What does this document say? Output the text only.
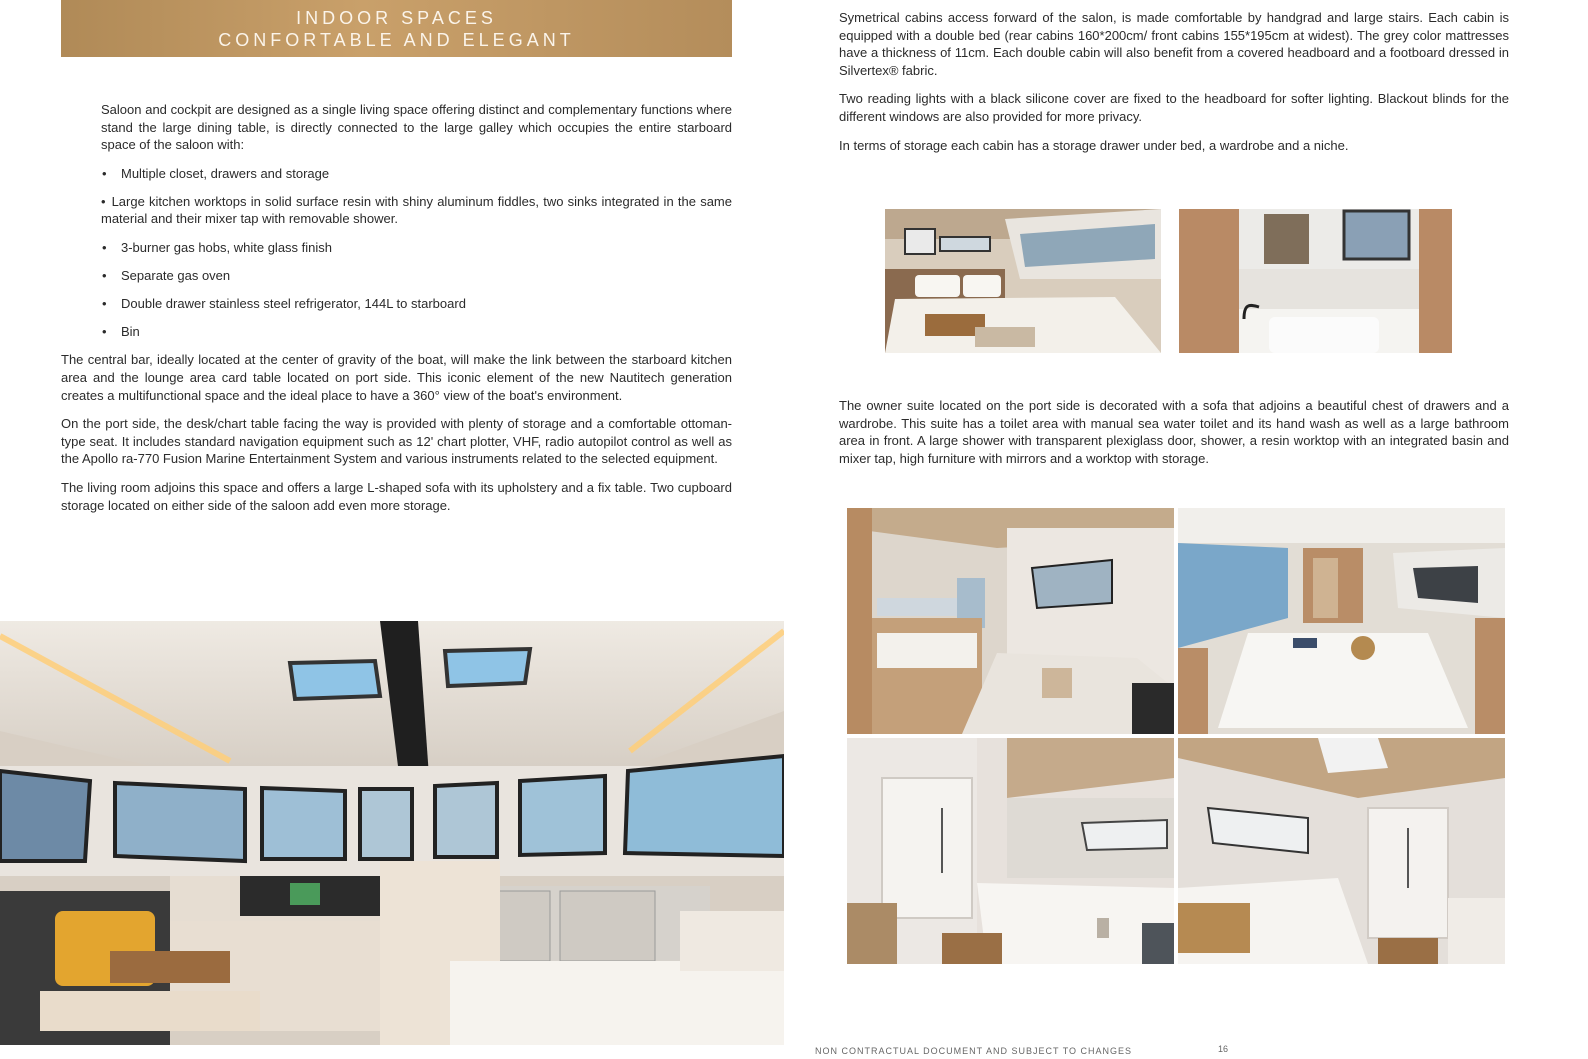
INDOOR SPACES
CONFORTABLE AND ELEGANT

Saloon and cockpit are designed as a single living space offering distinct and complementary functions where stand the large dining table, is directly connected to the large galley which occupies the entire starboard space of the saloon with:

• Multiple closet, drawers and storage
• Large kitchen worktops in solid surface resin with shiny aluminum fiddles, two sinks integrated in the same material and their mixer tap with removable shower.
• 3-burner gas hobs, white glass finish
• Separate gas oven
• Double drawer stainless steel refrigerator, 144L to starboard
• Bin

The central bar, ideally located at the center of gravity of the boat, will make the link between the starboard kitchen area and the lounge area card table located on port side. This iconic element of the new Nautitech generation creates a multifunctional space and the ideal place to have a 360° view of the boat's environment.

On the port side, the desk/chart table facing the way is provided with plenty of storage and a comfortable ottoman-type seat. It includes standard navigation equipment such as 12' chart plotter, VHF, radio autopilot control as well as the Apollo ra-770 Fusion Marine Entertainment System and various instruments related to the selected equipment.

The living room adjoins this space and offers a large L-shaped sofa with its upholstery and a fix table. Two cupboard storage located on either side of the saloon add even more storage.

Symetrical cabins access forward of the salon, is made comfortable by handgrad and large stairs. Each cabin is equipped with a double bed (rear cabins 160*200cm/ front cabins 155*195cm at widest). The grey color mattresses have a thickness of 11cm. Each double cabin will also benefit from a covered headboard and a footboard dressed in Silvertex® fabric.

Two reading lights with a black silicone cover are fixed to the headboard for softer lighting. Blackout blinds for the different windows are also provided for more privacy.

In terms of storage each cabin has a storage drawer under bed, a wardrobe and a niche.

The owner suite located on the port side is decorated with a sofa that adjoins a beautiful chest of drawers and a wardrobe. This suite has a toilet area with manual sea water toilet and its hand wash as well as a large bathroom area in front. A large shower with transparent plexiglass door, shower, a resin worktop with an integrated basin and mixer tap, high furniture with mirrors and a worktop with storage.

NON CONTRACTUAL DOCUMENT AND SUBJECT TO CHANGES	16
